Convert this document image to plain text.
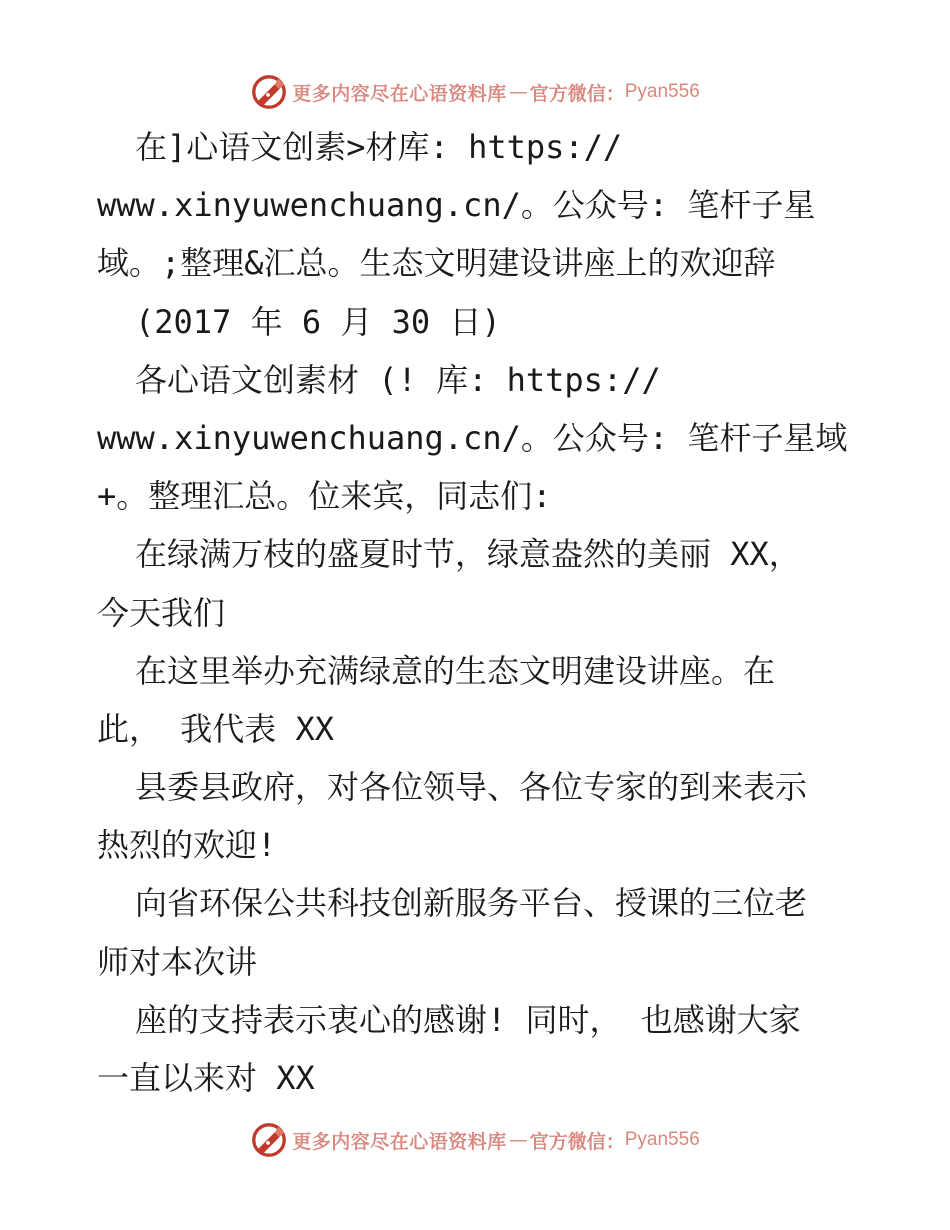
更多内容尽在心语资料库 — 官方微信： Pyan556
在]心语文创素>材库: https://
www.xinyuwenchuang.cn/。公众号: 笔杆子星
域。;整理&汇总。生态文明建设讲座上的欢迎辞
(2017 年 6 月 30 日)
各心语文创素材 (! 库: https://
www.xinyuwenchuang.cn/。公众号: 笔杆子星域
+。整理汇总。位来宾，同志们:
在绿满万枝的盛夏时节，绿意盎然的美丽 XX，
今天我们
在这里举办充满绿意的生态文明建设讲座。在
此， 我代表 XX
县委县政府，对各位领导、各位专家的到来表示
热烈的欢迎!
向省环保公共科技创新服务平台、授课的三位老
师对本次讲
座的支持表示衷心的感谢! 同时， 也感谢大家
一直以来对 XX
更多内容尽在心语资料库 — 官方微信： Pyan556
